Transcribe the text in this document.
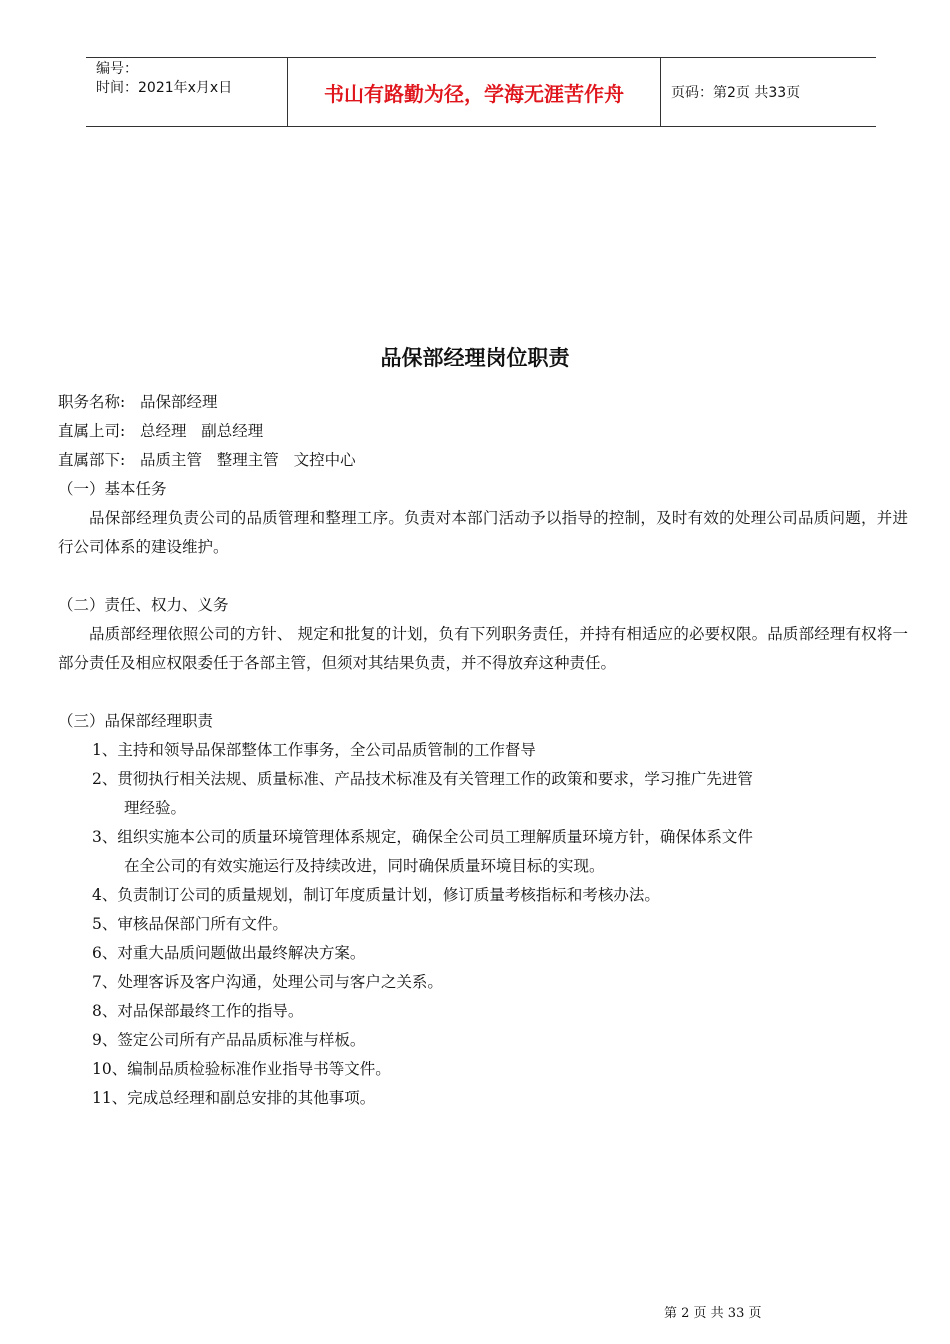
编号：
时间：2021年x月x日	书山有路勤为径，学海无涯苦作舟	页码：第2页 共33页
品保部经理岗位职责
职务名称:   品保部经理
直属上司:   总经理   副总经理
直属部下:   品质主管   整理主管   文控中心
（一）基本任务
品保部经理负责公司的品质管理和整理工序。负责对本部门活动予以指导的控制，及时有效的处理公司品质问题，并进行公司体系的建设维护。
（二）责任、权力、义务
品质部经理依照公司的方针、 规定和批复的计划，负有下列职务责任，并持有相适应的必要权限。品质部经理有权将一部分责任及相应权限委任于各部主管，但须对其结果负责，并不得放弃这种责任。
（三）品保部经理职责
1、主持和领导品保部整体工作事务，全公司品质管制的工作督导
2、贯彻执行相关法规、质量标准、产品技术标准及有关管理工作的政策和要求，学习推广先进管
理经验。
3、组织实施本公司的质量环境管理体系规定，确保全公司员工理解质量环境方针，确保体系文件
在全公司的有效实施运行及持续改进，同时确保质量环境目标的实现。
4、负责制订公司的质量规划，制订年度质量计划，修订质量考核指标和考核办法。
5、审核品保部门所有文件。
6、对重大品质问题做出最终解决方案。
7、处理客诉及客户沟通，处理公司与客户之关系。
8、对品保部最终工作的指导。
9、签定公司所有产品品质标准与样板。
10、编制品质检验标准作业指导书等文件。
11、完成总经理和副总安排的其他事项。
第 2 页 共 33 页
